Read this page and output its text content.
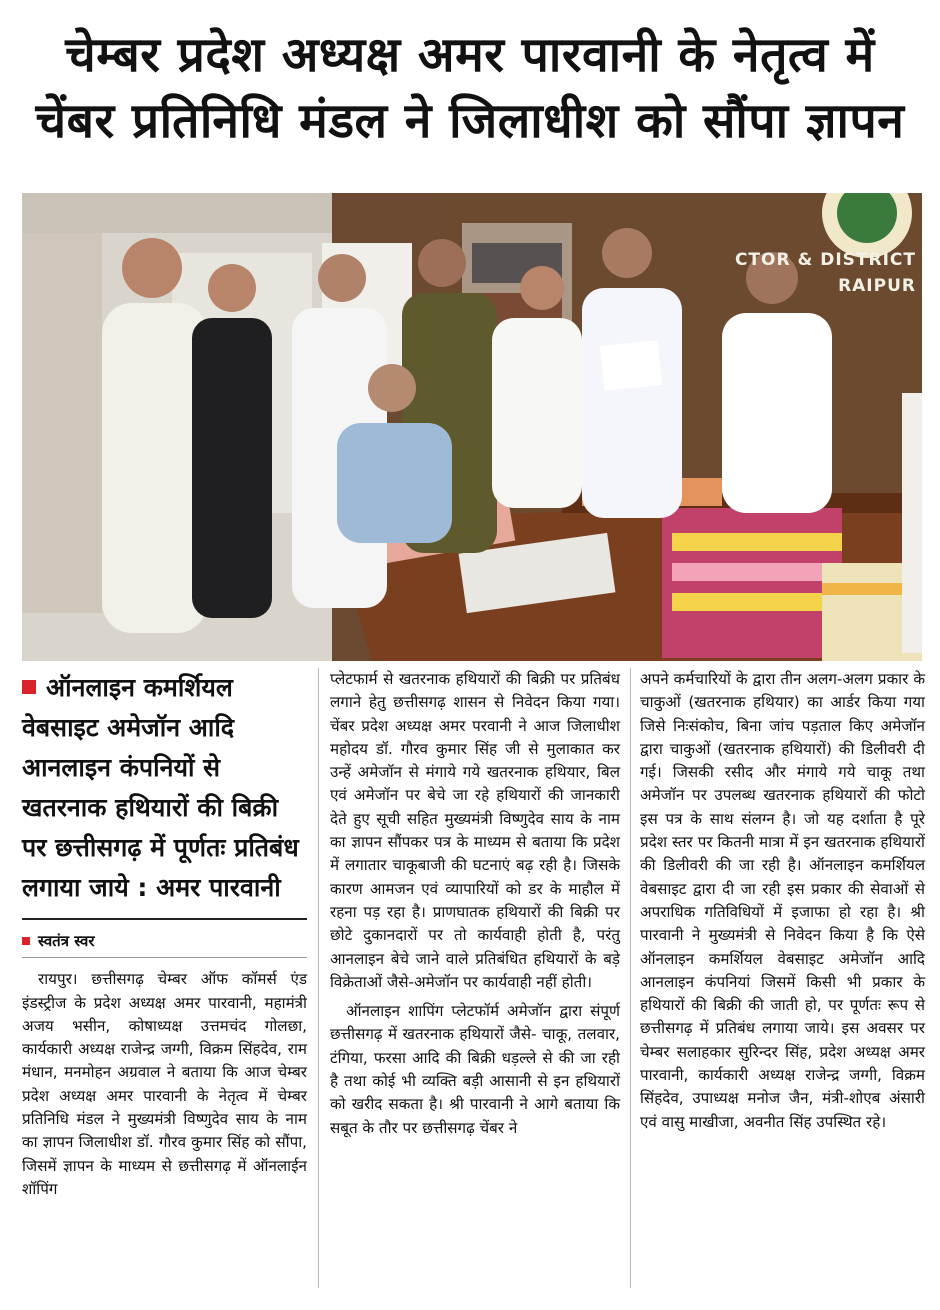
चेम्बर प्रदेश अध्यक्ष अमर पारवानी के नेतृत्व में
चेंबर प्रतिनिधि मंडल ने जिलाधीश को सौंपा ज्ञापन
CTOR & DISTRICT
RAIPUR
ऑनलाइन कमर्शियल वेबसाइट अमेजॉन आदि आनलाइन कंपनियों से खतरनाक हथियारों की बिक्री पर छत्तीसगढ़ में पूर्णतः प्रतिबंध लगाया जाये : अमर पारवानी
स्वतंत्र स्वर

रायपुर। छत्तीसगढ़ चेम्बर ऑफ कॉमर्स एंड इंडस्ट्रीज के प्रदेश अध्यक्ष अमर पारवानी, महामंत्री अजय भसीन, कोषाध्यक्ष उत्तमचंद गोलछा, कार्यकारी अध्यक्ष राजेन्द्र जग्गी, विक्रम सिंहदेव, राम मंधान, मनमोहन अग्रवाल ने बताया कि आज चेम्बर प्रदेश अध्यक्ष अमर पारवानी के नेतृत्व में चेम्बर प्रतिनिधि मंडल ने मुख्यमंत्री विष्णुदेव साय के नाम का ज्ञापन जिलाधीश डॉ. गौरव कुमार सिंह को सौंपा, जिसमें ज्ञापन के माध्यम से छत्तीसगढ़ में ऑनलाईन शॉपिंग

प्लेटफार्म से खतरनाक हथियारों की बिक्री पर प्रतिबंध लगाने हेतु छत्तीसगढ़ शासन से निवेदन किया गया। चेंबर प्रदेश अध्यक्ष अमर परवानी ने आज जिलाधीश महोदय डॉ. गौरव कुमार सिंह जी से मुलाकात कर उन्हें अमेजॉन से मंगाये गये खतरनाक हथियार, बिल एवं अमेजॉन पर बेचे जा रहे हथियारों की जानकारी देते हुए सूची सहित मुख्यमंत्री विष्णुदेव साय के नाम का ज्ञापन सौंपकर पत्र के माध्यम से बताया कि प्रदेश में लगातार चाकूबाजी की घटनाएं बढ़ रही है। जिसके कारण आमजन एवं व्यापारियों को डर के माहौल में रहना पड़ रहा है। प्राणघातक हथियारों की बिक्री पर छोटे दुकानदारों पर तो कार्यवाही होती है, परंतु आनलाइन बेचे जाने वाले प्रतिबंधित हथियारों के बड़े विक्रेताओं जैसे-अमेजॉन पर कार्यवाही नहीं होती।

ऑनलाइन शापिंग प्लेटफॉर्म अमेजॉन द्वारा संपूर्ण छत्तीसगढ़ में खतरनाक हथियारों जैसे- चाकू, तलवार, टंगिया, फरसा आदि की बिक्री धड़ल्ले से की जा रही है तथा कोई भी व्यक्ति बड़ी आसानी से इन हथियारों को खरीद सकता है। श्री पारवानी ने आगे बताया कि सबूत के तौर पर छत्तीसगढ़ चेंबर ने

अपने कर्मचारियों के द्वारा तीन अलग-अलग प्रकार के चाकुओं (खतरनाक हथियार) का आर्डर किया गया जिसे निःसंकोच, बिना जांच पड़ताल किए अमेजॉन द्वारा चाकुओं (खतरनाक हथियारों) की डिलीवरी दी गई। जिसकी रसीद और मंगाये गये चाकू तथा अमेजॉन पर उपलब्ध खतरनाक हथियारों की फोटो इस पत्र के साथ संलग्न है। जो यह दर्शाता है पूरे प्रदेश स्तर पर कितनी मात्रा में इन खतरनाक हथियारों की डिलीवरी की जा रही है। ऑनलाइन कमर्शियल वेबसाइट द्वारा दी जा रही इस प्रकार की सेवाओं से अपराधिक गतिविधियों में इजाफा हो रहा है। श्री पारवानी ने मुख्यमंत्री से निवेदन किया है कि ऐसे ऑनलाइन कमर्शियल वेबसाइट अमेजॉन आदि आनलाइन कंपनियां जिसमें किसी भी प्रकार के हथियारों की बिक्री की जाती हो, पर पूर्णतः रूप से छत्तीसगढ़ में प्रतिबंध लगाया जाये। इस अवसर पर चेम्बर सलाहकार सुरिन्दर सिंह, प्रदेश अध्यक्ष अमर पारवानी, कार्यकारी अध्यक्ष राजेन्द्र जग्गी, विक्रम सिंहदेव, उपाध्यक्ष मनोज जैन, मंत्री-शोएब अंसारी एवं वासु माखीजा, अवनीत सिंह उपस्थित रहे।
